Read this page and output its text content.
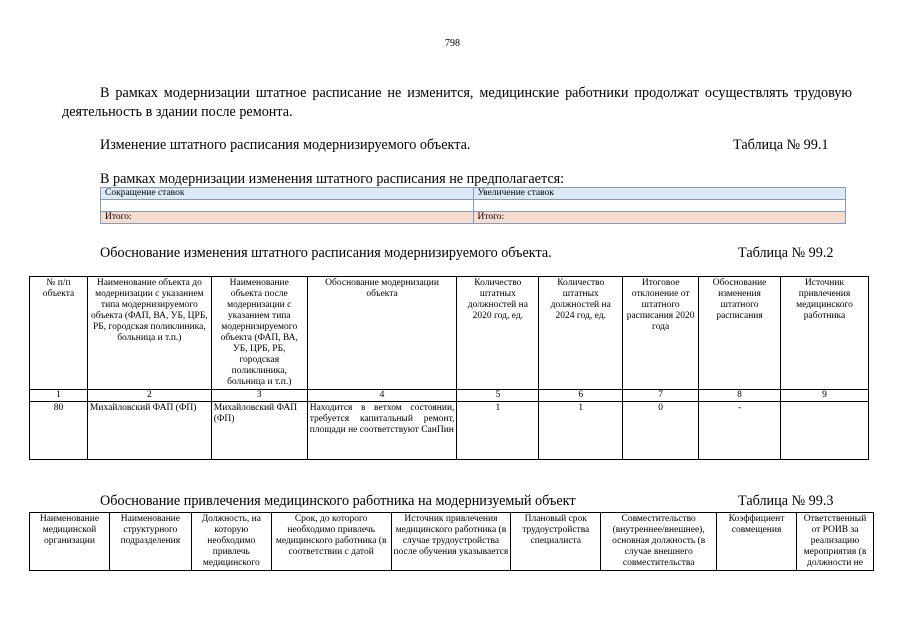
798
В рамках модернизации штатное расписание не изменится, медицинские работники продолжат осуществлять трудовую деятельность в здании после ремонта.
Изменение штатного расписания модернизируемого объекта.	Таблица № 99.1
В рамках модернизации изменения штатного расписания не предполагается:
Сокращение ставок	Увеличение ставок

Итого:	Итого:
Обоснование изменения штатного расписания модернизируемого объекта.	Таблица № 99.2
№ п/п объекта	Наименование объекта до модернизации с указанием типа модернизируемого объекта (ФАП, ВА, УБ, ЦРБ, РБ, городская поликлиника, больница и т.п.)	Наименование объекта после модернизации с указанием типа модернизируемого объекта (ФАП, ВА, УБ, ЦРБ, РБ, городская поликлиника, больница и т.п.)	Обоснование модернизации объекта	Количество штатных должностей на 2020 год, ед.	Количество штатных должностей на 2024 год, ед.	Итоговое отклонение от штатного расписания 2020 года	Обоснование изменения штатного расписания	Источник привлечения медицинского работника
1	2	3	4	5	6	7	8	9
80	Михайловский ФАП (ФП)	Михайловский ФАП (ФП)	Находится в ветхом состоянии, требуется капитальный ремонт, площади не соответствуют СанПин	1	1	0	-	
Обоснование привлечения медицинского работника на модернизуемый объект	Таблица № 99.3
Наименование медицинской организации	Наименование структурного подразделения	Должность, на которую необходимо привлечь медицинского	Срок, до которого необходимо привлечь медицинского работника (в соответствии с датой	Источник привлечения медицинского работника (в случае трудоустройства после обучения указывается	Плановый срок трудоустройства специалиста	Совместительство (внутреннее/внешнее), основная должность (в случае внешнего совместительства	Коэффициент совмещения	Ответственный от РОИВ за реализацию мероприятия (в должности не
